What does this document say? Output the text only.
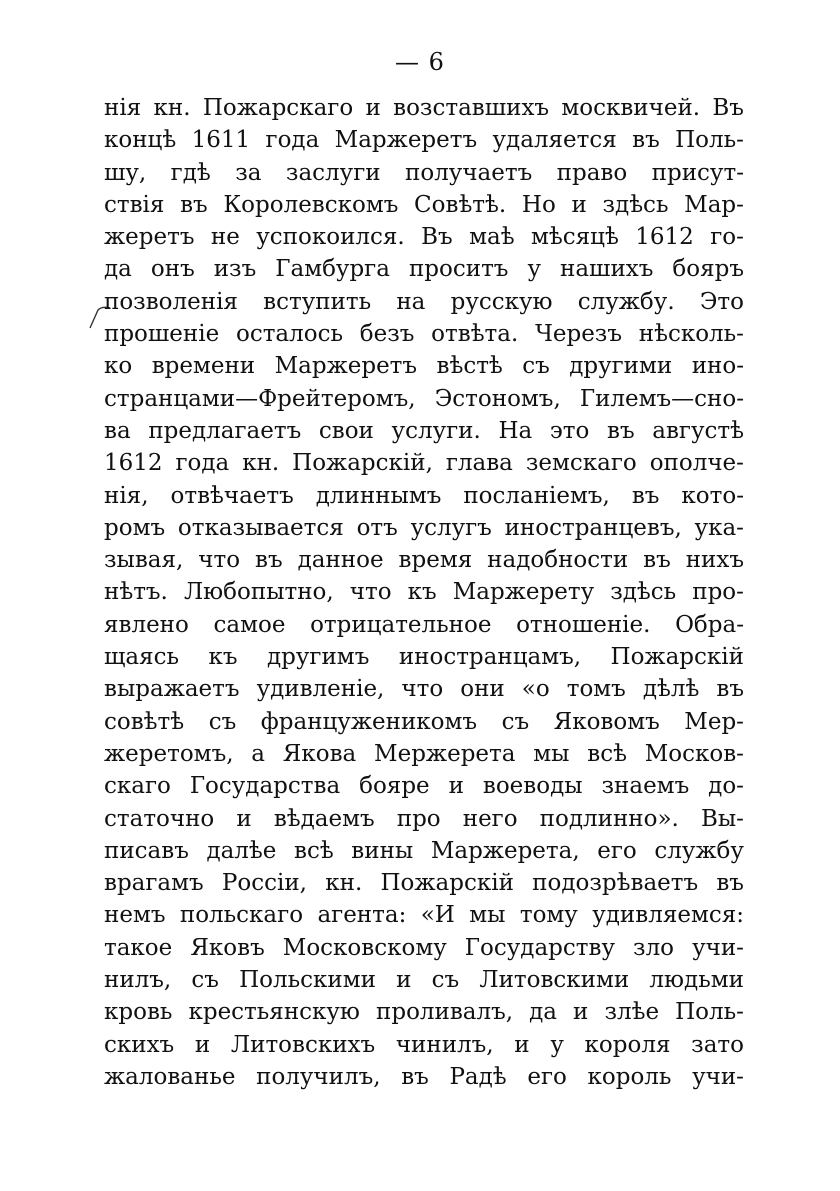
— 6
нія кн. Пожарскаго и возставшихъ москвичей. Въ
концѣ 1611 года Маржеретъ удаляется въ Поль-
шу, гдѣ за заслуги получаетъ право присут-
ствія въ Королевскомъ Совѣтѣ. Но и здѣсь Мар-
жеретъ не успокоился. Въ маѣ мѣсяцѣ 1612 го-
да онъ изъ Гамбурга проситъ у нашихъ бояръ
позволенія вступить на русскую службу. Это
прошеніе осталось безъ отвѣта. Черезъ нѣсколь-
ко времени Маржеретъ вѣстѣ съ другими ино-
странцами—Фрейтеромъ, Эстономъ, Гилемъ—сно-
ва предлагаетъ свои услуги. На это въ августѣ
1612 года кн. Пожарскій, глава земскаго ополче-
нія, отвѣчаетъ длиннымъ посланіемъ, въ кото-
ромъ отказывается отъ услугъ иностранцевъ, ука-
зывая, что въ данное время надобности въ нихъ
нѣтъ. Любопытно, что къ Маржерету здѣсь про-
явлено самое отрицательное отношеніе. Обра-
щаясь къ другимъ иностранцамъ, Пожарскій
выражаетъ удивленіе, что они «о томъ дѣлѣ въ
совѣтѣ съ француженикомъ съ Яковомъ Мер-
жеретомъ, а Якова Мержерета мы всѣ Москов-
скаго Государства бояре и воеводы знаемъ до-
статочно и вѣдаемъ про него подлинно». Вы-
писавъ далѣе всѣ вины Маржерета, его службу
врагамъ Россіи, кн. Пожарскій подозрѣваетъ въ
немъ польскаго агента: «И мы тому удивляемся:
такое Яковъ Московскому Государству зло учи-
нилъ, съ Польскими и съ Литовскими людьми
кровь крестьянскую проливалъ, да и злѣе Поль-
скихъ и Литовскихъ чинилъ, и у короля зато
жалованье получилъ, въ Радѣ его король учи-
